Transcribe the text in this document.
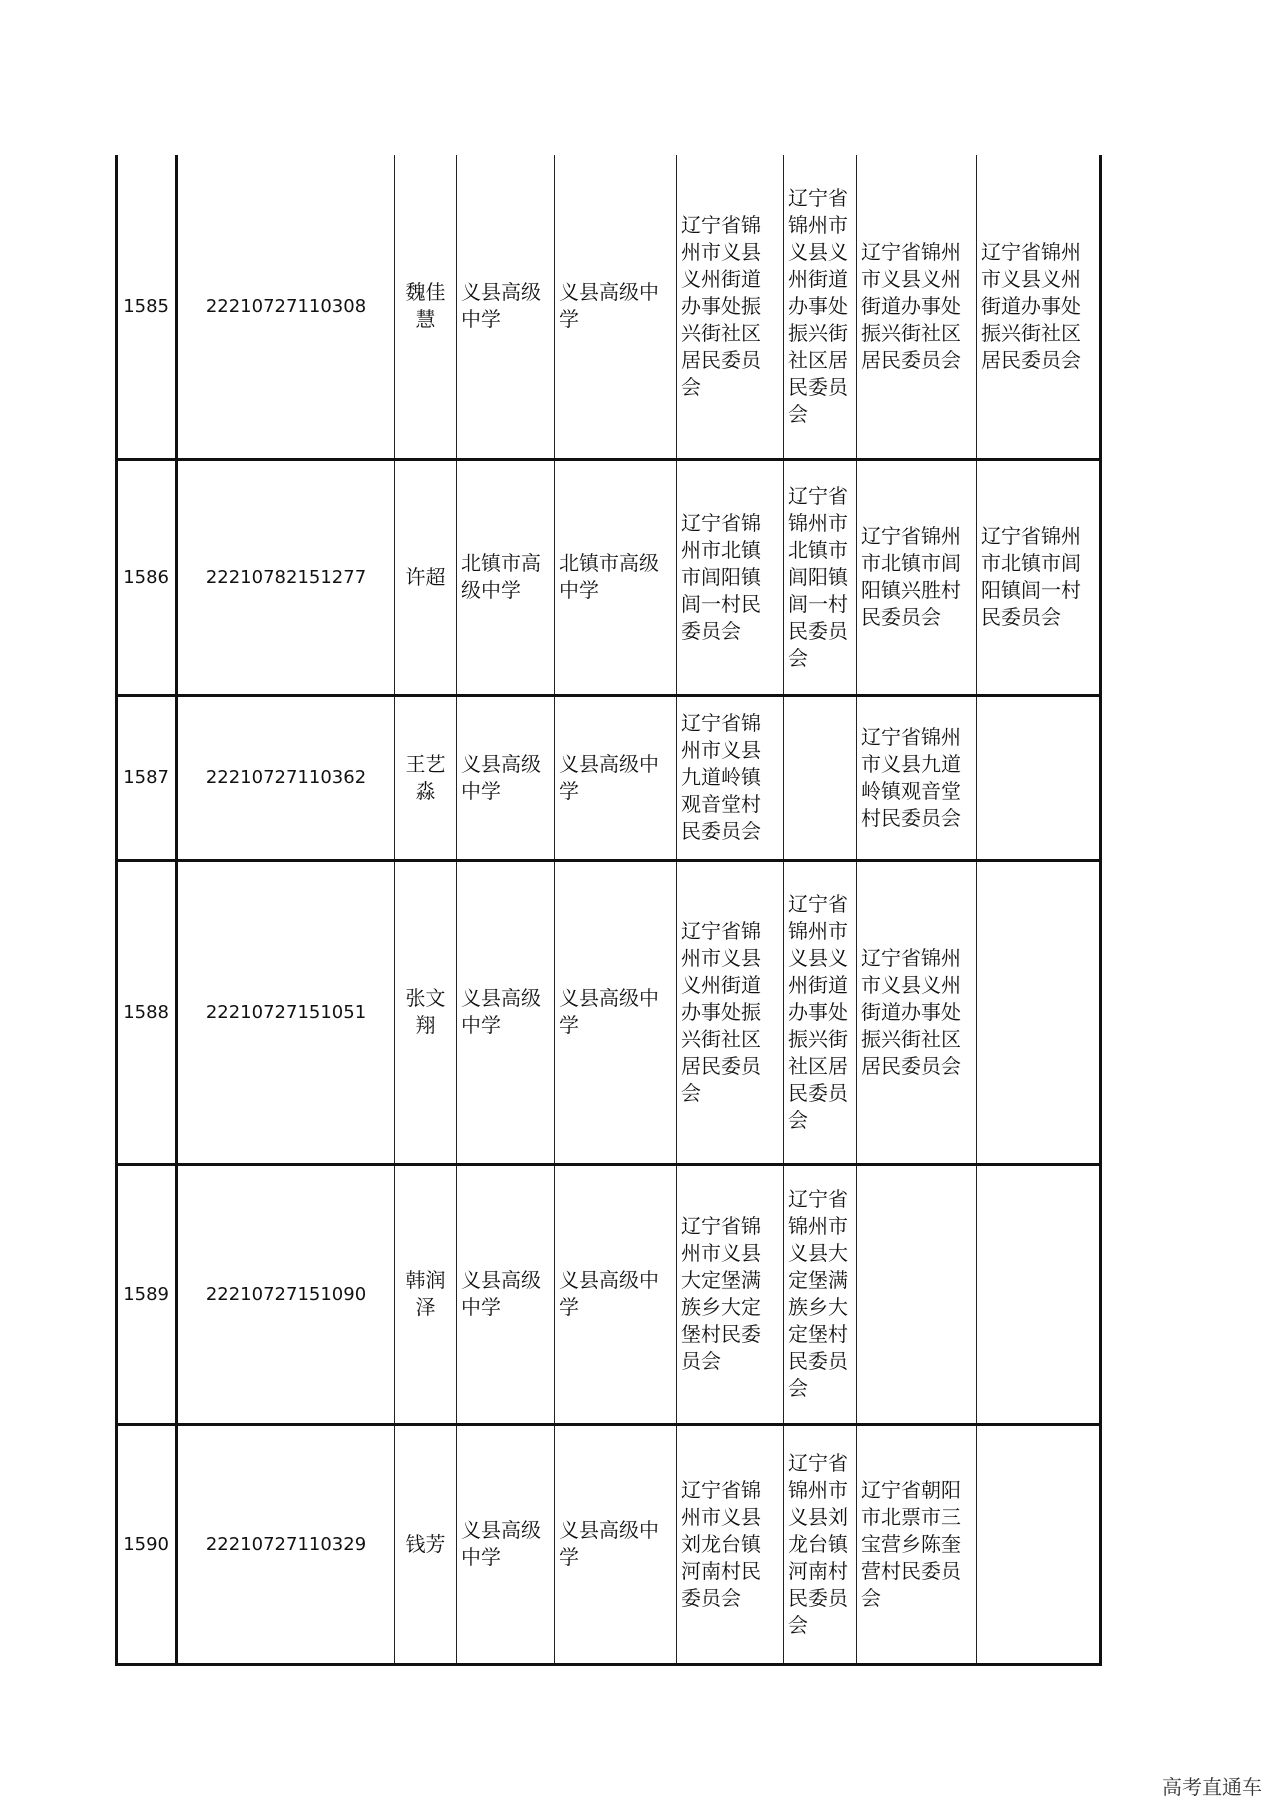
1585	22210727110308	魏佳慧	义县高级中学	义县高级中学	辽宁省锦州市义县义州街道办事处振兴街社区居民委员会	辽宁省锦州市义县义州街道办事处振兴街社区居民委员会	辽宁省锦州市义县义州街道办事处振兴街社区居民委员会	辽宁省锦州市义县义州街道办事处振兴街社区居民委员会
1586	22210782151277	许超	北镇市高级中学	北镇市高级中学	辽宁省锦州市北镇市闾阳镇闾一村民委员会	辽宁省锦州市北镇市闾阳镇闾一村民委员会	辽宁省锦州市北镇市闾阳镇兴胜村民委员会	辽宁省锦州市北镇市闾阳镇闾一村民委员会
1587	22210727110362	王艺淼	义县高级中学	义县高级中学	辽宁省锦州市义县九道岭镇观音堂村民委员会		辽宁省锦州市义县九道岭镇观音堂村民委员会	
1588	22210727151051	张文翔	义县高级中学	义县高级中学	辽宁省锦州市义县义州街道办事处振兴街社区居民委员会	辽宁省锦州市义县义州街道办事处振兴街社区居民委员会	辽宁省锦州市义县义州街道办事处振兴街社区居民委员会	
1589	22210727151090	韩润泽	义县高级中学	义县高级中学	辽宁省锦州市义县大定堡满族乡大定堡村民委员会	辽宁省锦州市义县大定堡满族乡大定堡村民委员会		
1590	22210727110329	钱芳	义县高级中学	义县高级中学	辽宁省锦州市义县刘龙台镇河南村民委员会	辽宁省锦州市义县刘龙台镇河南村民委员会	辽宁省朝阳市北票市三宝营乡陈奎营村民委员会	
高考直通车
